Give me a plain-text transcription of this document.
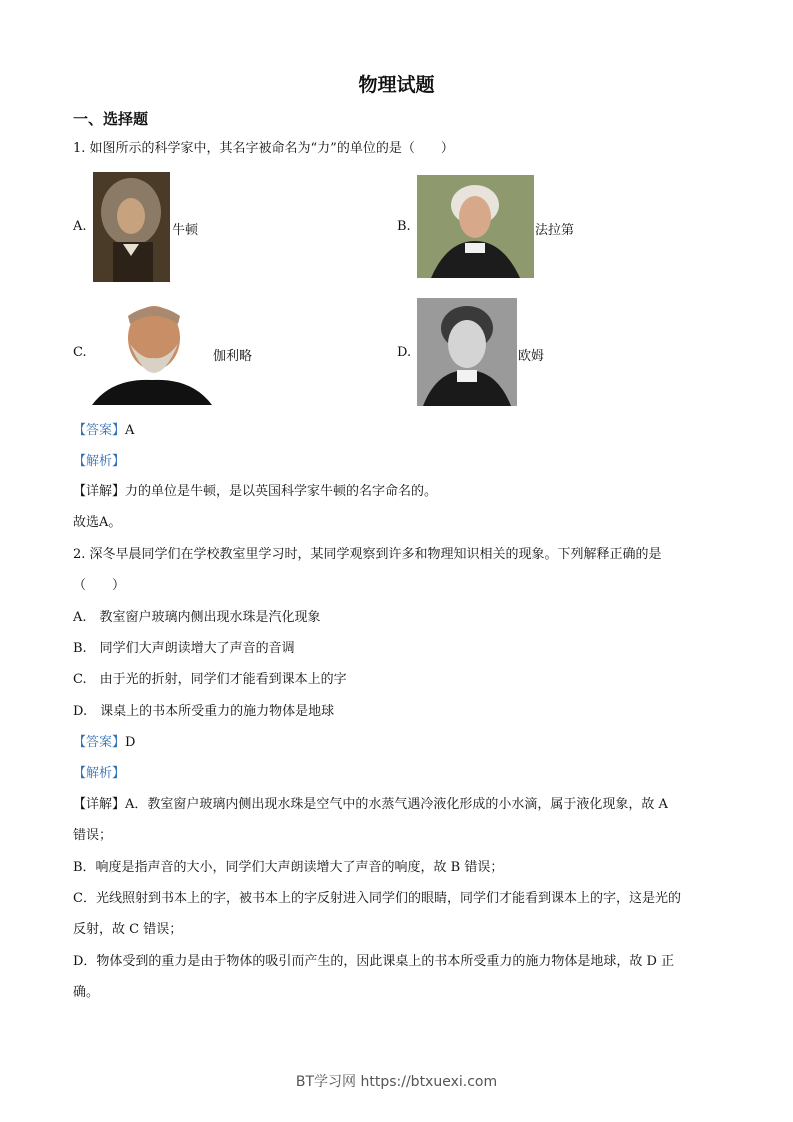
物理试题
一、选择题
1. 如图所示的科学家中，其名字被命名为“力”的单位的是（　　）
A.	牛顿	B.	法拉第
C.	伽利略	D.	欧姆
【答案】A
【解析】
【详解】力的单位是牛顿，是以英国科学家牛顿的名字命名的。
故选A。
2. 深冬早晨同学们在学校教室里学习时，某同学观察到许多和物理知识相关的现象。下列解释正确的是
（　　）
A.　教室窗户玻璃内侧出现水珠是汽化现象
B.　同学们大声朗读增大了声音的音调
C.　由于光的折射，同学们才能看到课本上的字
D.　课桌上的书本所受重力的施力物体是地球
【答案】D
【解析】
【详解】A．教室窗户玻璃内侧出现水珠是空气中的水蒸气遇冷液化形成的小水滴，属于液化现象，故 A
错误；
B．响度是指声音的大小，同学们大声朗读增大了声音的响度，故 B 错误；
C．光线照射到书本上的字，被书本上的字反射进入同学们的眼睛，同学们才能看到课本上的字，这是光的
反射，故 C 错误；
D．物体受到的重力是由于物体的吸引而产生的，因此课桌上的书本所受重力的施力物体是地球，故 D 正
确。
BT学习网 https://btxuexi.com
